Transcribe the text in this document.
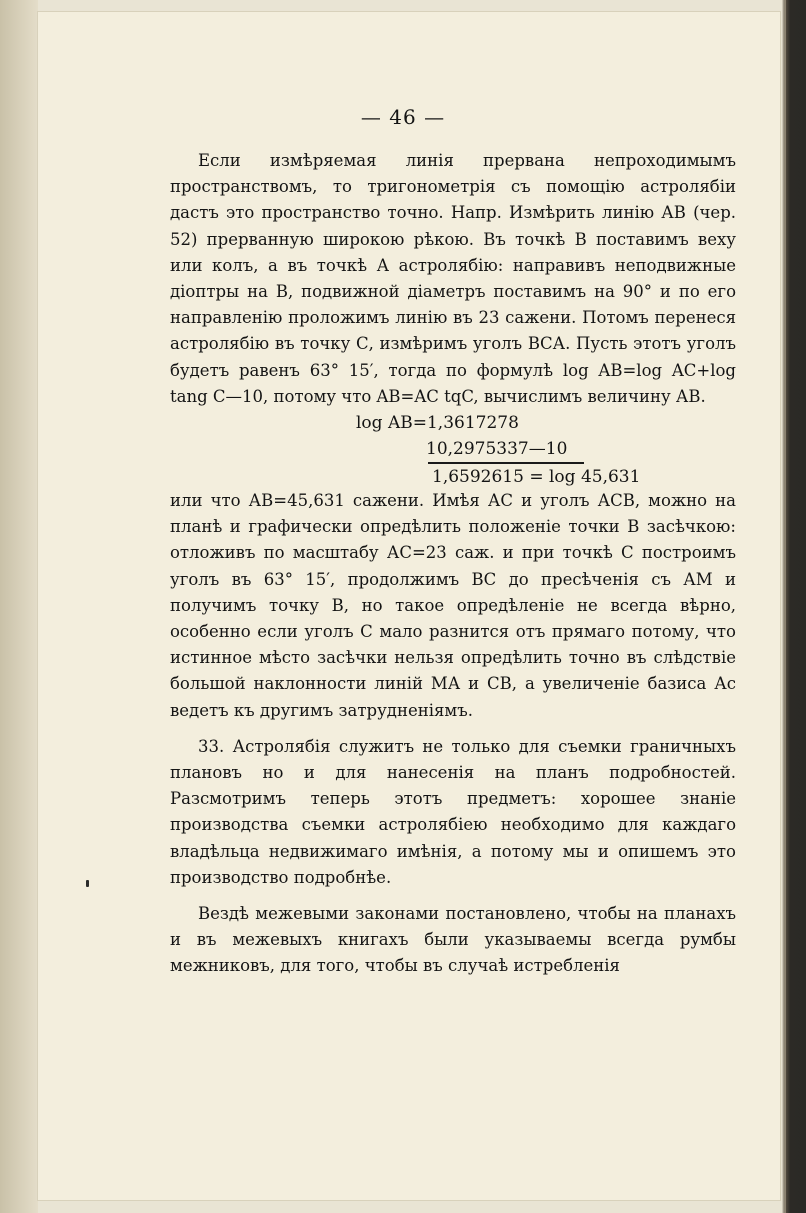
— 46 —

Если измѣряемая линія прервана непроходимымъ пространствомъ, то тригонометрія съ помощію астролябіи дастъ это пространство точно. Напр. Измѣрить линію АВ (чер. 52) прерванную широкою рѣкою. Въ точкѣ В поставимъ веху или колъ, а въ точкѣ А астролябію: направивъ неподвижные діоптры на В, подвижной діаметръ поставимъ на 90° и по его направленію проложимъ линію въ 23 сажени. Потомъ перенеся астролябію въ точку С, измѣримъ уголъ ВСА. Пусть этотъ уголъ будетъ равенъ 63° 15′, тогда по формулѣ log AB=log AC+log tang C—10, потому что AB=AC tqC, вычислимъ величину АВ.

log AB=1,3617278
10,2975337—10
1,6592615 = log 45,631

или что АВ=45,631 сажени. Имѣя АС и уголъ АСВ, можно на планѣ и графически опредѣлить положеніе точки В засѣчкою: отложивъ по масштабу АС=23 саж. и при точкѣ С построимъ уголъ въ 63° 15′, продолжимъ ВС до пресѣченія съ АМ и получимъ точку В, но такое опредѣленіе не всегда вѣрно, особенно если уголъ С мало разнится отъ прямаго потому, что истинное мѣсто засѣчки нельзя опредѣлить точно въ слѣдствіе большой наклонности линій МА и СВ, а увеличеніе базиса Ас ведетъ къ другимъ затрудненіямъ.

33. Астролябія служитъ не только для съемки граничныхъ плановъ но и для нанесенія на планъ подробностей. Разсмотримъ теперь этотъ предметъ: хорошее знаніе производства съемки астролябіею необходимо для каждаго владѣльца недвижимаго имѣнія, а потому мы и опишемъ это производство подробнѣе.

Вездѣ межевыми законами постановлено, чтобы на планахъ и въ межевыхъ книгахъ были указываемы всегда румбы межниковъ, для того, чтобы въ случаѣ истребленія
